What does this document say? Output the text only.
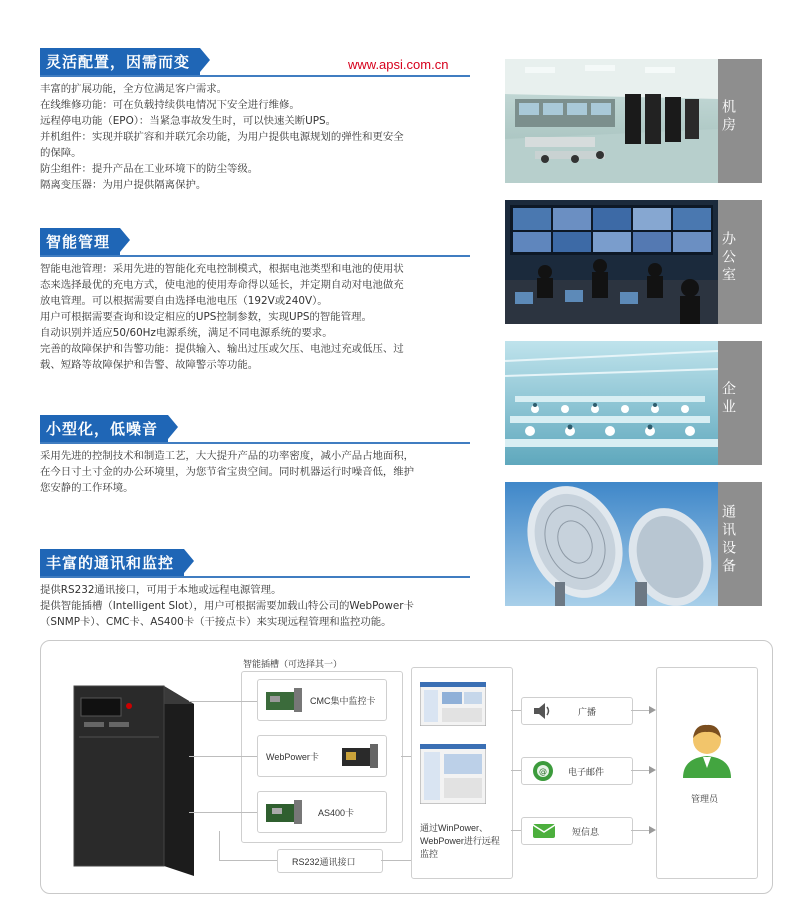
www.apsi.com.cn
灵活配置，因需而变

丰富的扩展功能，全方位满足客户需求。

在线维修功能：可在负载持续供电情况下安全进行维修。

远程停电功能（EPO）：当紧急事故发生时，可以快速关断UPS。

并机组件：实现并联扩容和并联冗余功能，为用户提供电源规划的弹性和更安全

的保障。

防尘组件：提升产品在工业环境下的防尘等级。

隔离变压器：为用户提供隔离保护。

智能管理

智能电池管理：采用先进的智能化充电控制模式，根据电池类型和电池的使用状

态来选择最优的充电方式，使电池的使用寿命得以延长，并定期自动对电池做充

放电管理。可以根据需要自由选择电池电压（192V或240V）。

用户可根据需要查询和设定相应的UPS控制参数，实现UPS的智能管理。

自动识别并适应50/60Hz电源系统，满足不同电源系统的要求。

完善的故障保护和告警功能：提供输入、输出过压或欠压、电池过充或低压、过

载、短路等故障保护和告警、故障警示等功能。

小型化，低噪音

采用先进的控制技术和制造工艺，大大提升产品的功率密度，减小产品占地面积，

在今日寸土寸金的办公环境里，为您节省宝贵空间。同时机器运行时噪音低，维护

您安静的工作环境。

丰富的通讯和监控

提供RS232通讯接口，可用于本地或远程电源管理。

提供智能插槽（Intelligent Slot），用户可根据需要加载山特公司的WebPower卡

（SNMP卡）、CMC卡、AS400卡（干接点卡）来实现远程管理和监控功能。

机房
办公室
企业
通讯设备
智能插槽（可选择其一）
CMC集中监控卡
WebPower卡
AS400卡
RS232通讯接口
通过WinPower、WebPower进行远程监控
广播
@ 电子邮件
短信息
管理员
